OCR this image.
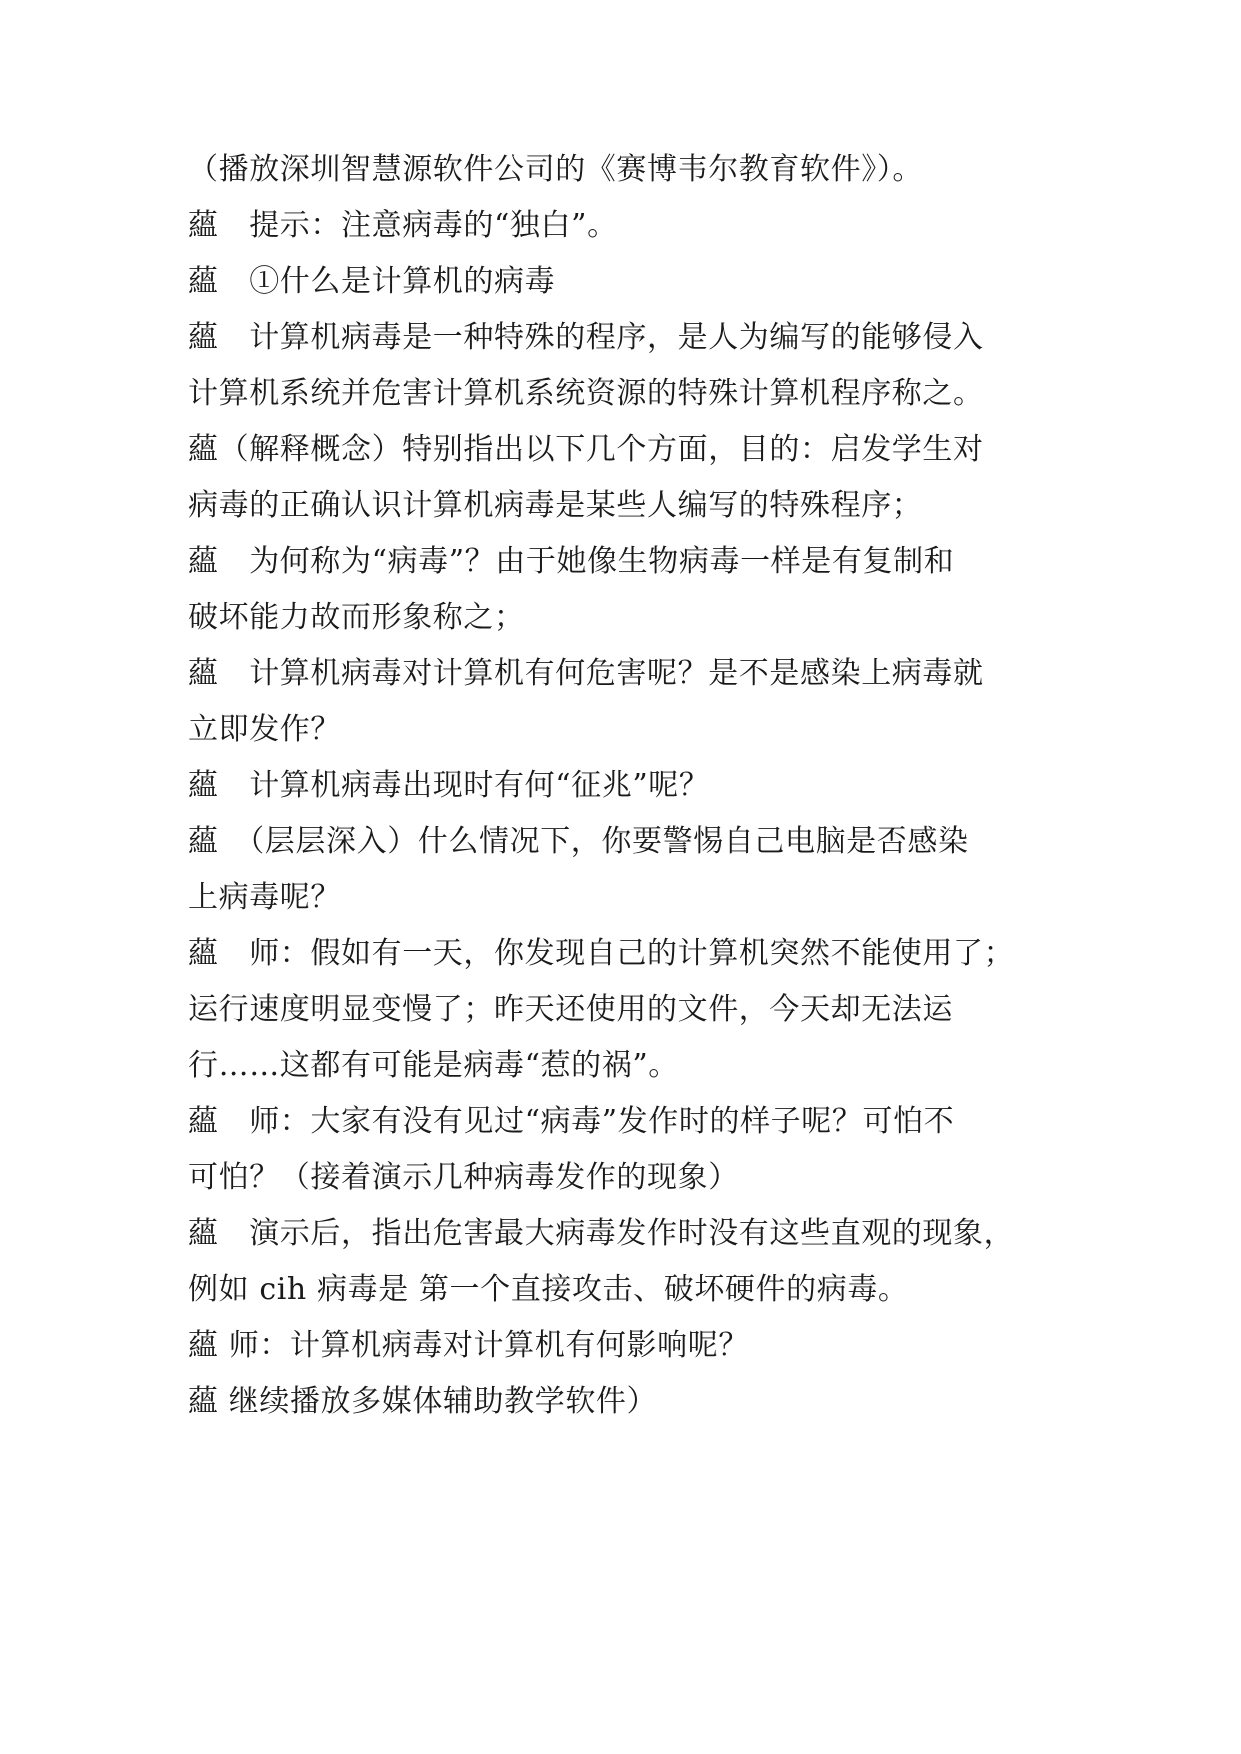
（播放深圳智慧源软件公司的《赛博韦尔教育软件》）。
蘊　提示：注意病毒的“独白”。
蘊　①什么是计算机的病毒
蘊　计算机病毒是一种特殊的程序，是人为编写的能够侵入
计算机系统并危害计算机系统资源的特殊计算机程序称之。
蘊（解释概念）特别指出以下几个方面，目的：启发学生对
病毒的正确认识计算机病毒是某些人编写的特殊程序；
蘊　为何称为“病毒”？由于她像生物病毒一样是有复制和
破坏能力故而形象称之；
蘊　计算机病毒对计算机有何危害呢？是不是感染上病毒就
立即发作？
蘊　计算机病毒出现时有何“征兆”呢？
蘊　（层层深入）什么情况下，你要警惕自己电脑是否感染
上病毒呢？
蘊　师：假如有一天，你发现自己的计算机突然不能使用了；
运行速度明显变慢了；昨天还使用的文件，今天却无法运
行……这都有可能是病毒“惹的祸”。
蘊　师：大家有没有见过“病毒”发作时的样子呢？可怕不
可怕？（接着演示几种病毒发作的现象）
蘊　演示后，指出危害最大病毒发作时没有这些直观的现象，
例如 cih 病毒是 第一个直接攻击、破坏硬件的病毒。
蘊 师：计算机病毒对计算机有何影响呢？
蘊 继续播放多媒体辅助教学软件）
